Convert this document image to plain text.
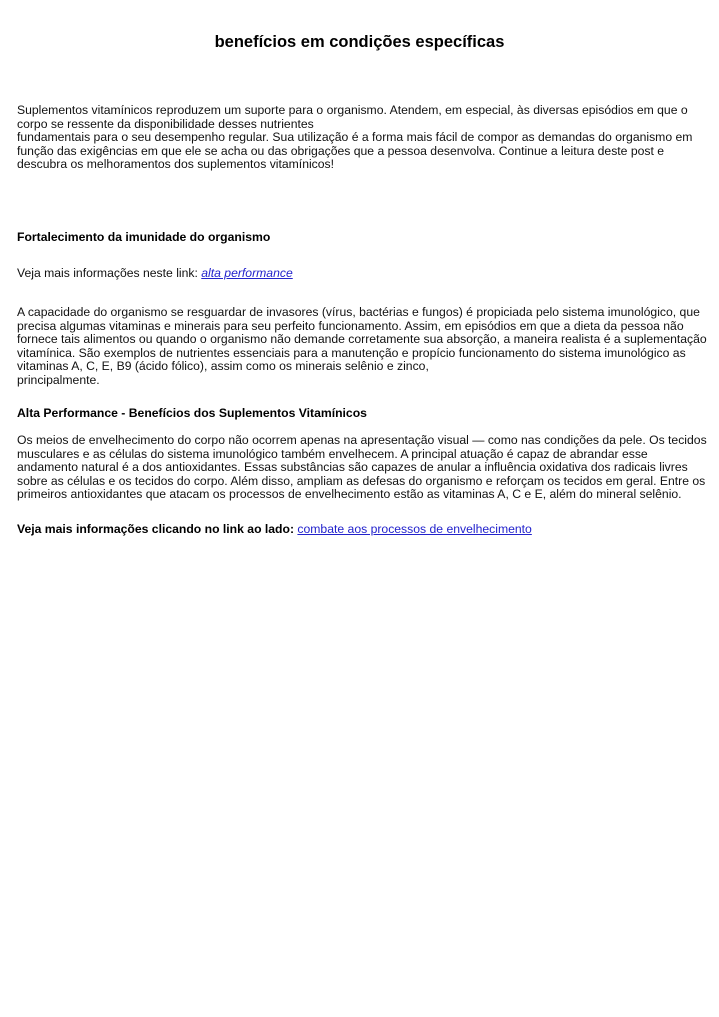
benefícios em condições específicas

Suplementos vitamínicos reproduzem um suporte para o organismo. Atendem, em especial, às diversas episódios em que o
corpo se ressente da disponibilidade desses nutrientes
fundamentais para o seu desempenho regular. Sua utilização é a forma mais fácil de compor as demandas do organismo em
função das exigências em que ele se acha ou das obrigações que a pessoa desenvolva. Continue a leitura deste post e
descubra os melhoramentos dos suplementos vitamínicos!

Fortalecimento da imunidade do organismo

Veja mais informações neste link: alta performance

A capacidade do organismo se resguardar de invasores (vírus, bactérias e fungos) é propiciada pelo sistema imunológico, que
precisa algumas vitaminas e minerais para seu perfeito funcionamento. Assim, em episódios em que a dieta da pessoa não
fornece tais alimentos ou quando o organismo não demande corretamente sua absorção, a maneira realista é a suplementação
vitamínica. São exemplos de nutrientes essenciais para a manutenção e propício funcionamento do sistema imunológico as
vitaminas A, C, E, B9 (ácido fólico), assim como os minerais selênio e zinco,
principalmente.

Alta Performance - Benefícios dos Suplementos Vitamínicos

Os meios de envelhecimento do corpo não ocorrem apenas na apresentação visual — como nas condições da pele. Os tecidos
musculares e as células do sistema imunológico também envelhecem. A principal atuação é capaz de abrandar esse
andamento natural é a dos antioxidantes. Essas substâncias são capazes de anular a influência oxidativa dos radicais livres
sobre as células e os tecidos do corpo. Além disso, ampliam as defesas do organismo e reforçam os tecidos em geral. Entre os
primeiros antioxidantes que atacam os processos de envelhecimento estão as vitaminas A, C e E, além do mineral selênio.

Veja mais informações clicando no link ao lado: combate aos processos de envelhecimento
